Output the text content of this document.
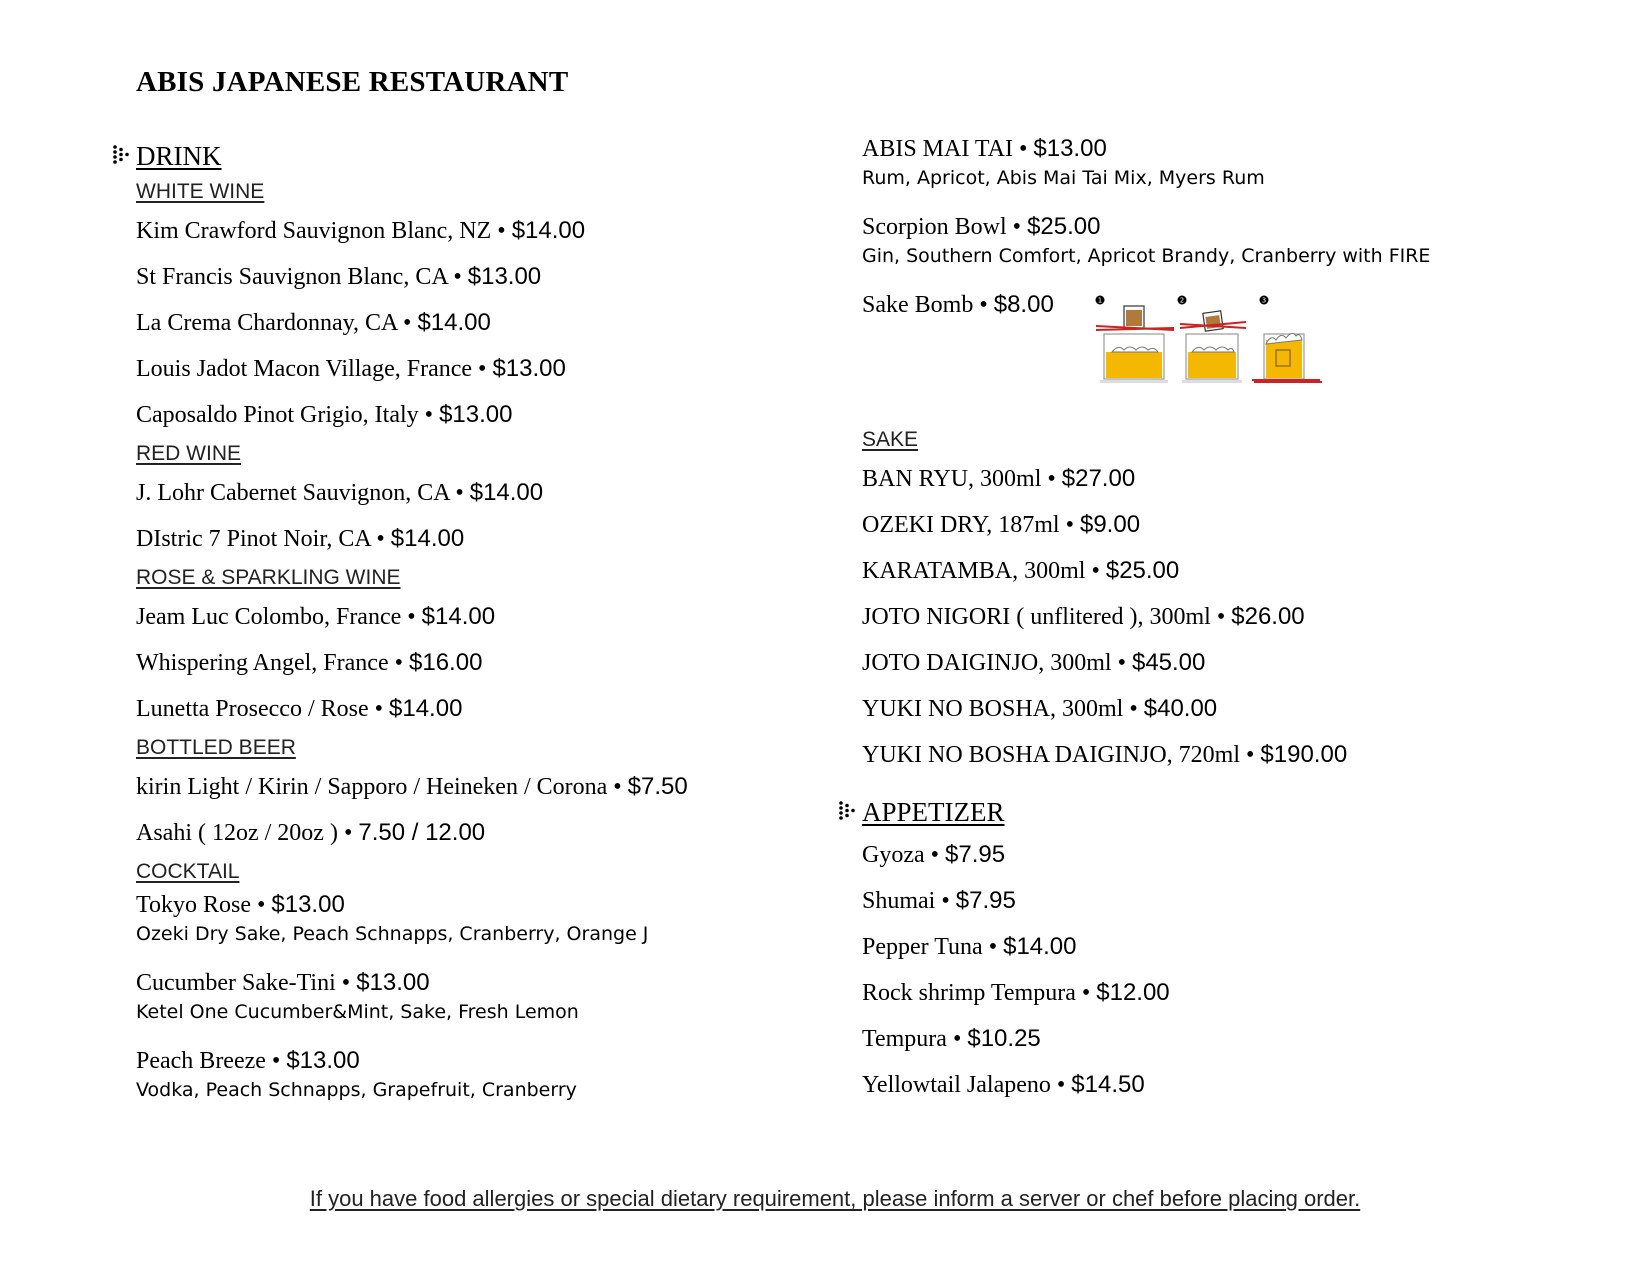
ABIS JAPANESE RESTAURANT
DRINK
WHITE WINE
Kim Crawford Sauvignon Blanc, NZ • $14.00
St Francis Sauvignon Blanc, CA • $13.00
La Crema Chardonnay, CA • $14.00
Louis Jadot Macon Village, France • $13.00
Caposaldo Pinot Grigio, Italy • $13.00
RED WINE
J. Lohr Cabernet Sauvignon, CA • $14.00
DIstric 7 Pinot Noir, CA • $14.00
ROSE & SPARKLING WINE
Jeam Luc Colombo, France • $14.00
Whispering Angel, France • $16.00
Lunetta Prosecco / Rose • $14.00
BOTTLED BEER
kirin Light / Kirin / Sapporo / Heineken / Corona • $7.50
Asahi ( 12oz / 20oz ) • 7.50 / 12.00
COCKTAIL
Tokyo Rose • $13.00
Ozeki Dry Sake, Peach Schnapps, Cranberry, Orange J
Cucumber Sake-Tini • $13.00
Ketel One Cucumber&Mint, Sake, Fresh Lemon
Peach Breeze • $13.00
Vodka, Peach Schnapps, Grapefruit, Cranberry
ABIS MAI TAI • $13.00
Rum, Apricot, Abis Mai Tai Mix, Myers Rum
Scorpion Bowl • $25.00
Gin, Southern Comfort, Apricot Brandy, Cranberry with FIRE
Sake Bomb • $8.00	1	2	3
SAKE
BAN RYU, 300ml • $27.00
OZEKI DRY, 187ml • $9.00
KARATAMBA, 300ml • $25.00
JOTO NIGORI ( unflitered ), 300ml • $26.00
JOTO DAIGINJO, 300ml • $45.00
YUKI NO BOSHA, 300ml • $40.00
YUKI NO BOSHA DAIGINJO, 720ml • $190.00
APPETIZER
Gyoza • $7.95
Shumai • $7.95
Pepper Tuna • $14.00
Rock shrimp Tempura • $12.00
Tempura • $10.25
Yellowtail Jalapeno • $14.50
If you have food allergies or special dietary requirement, please inform a server or chef before placing order.
